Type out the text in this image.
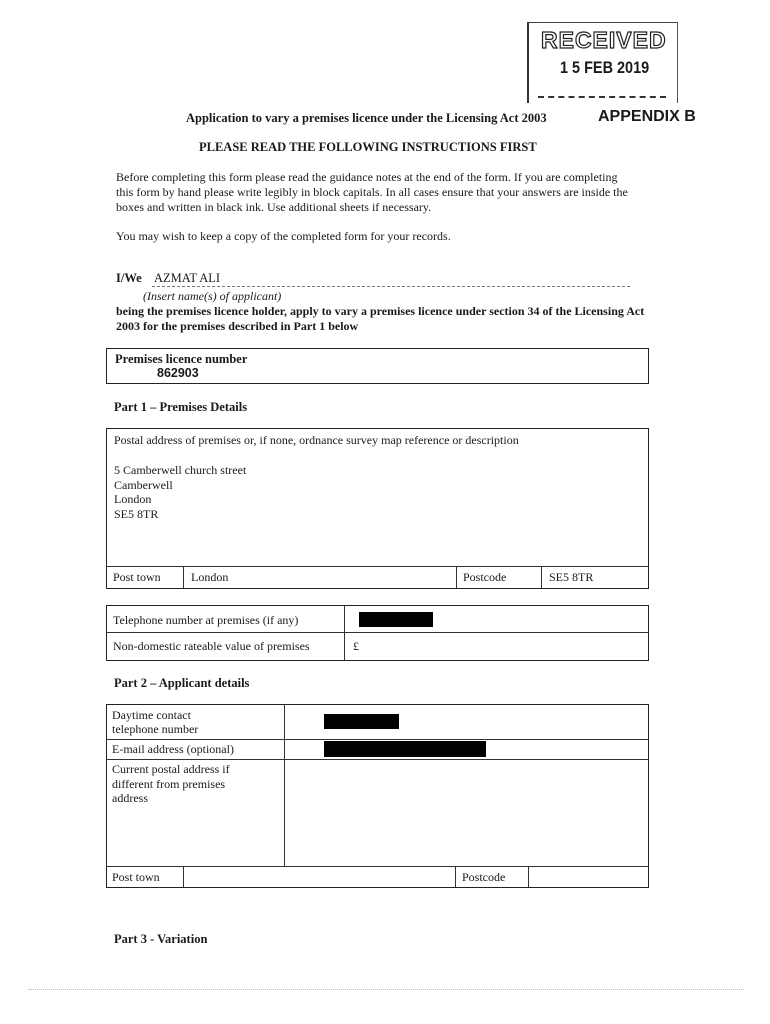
RECEIVED
1 5 FEB 2019
APPENDIX B
Application to vary a premises licence under the Licensing Act 2003
PLEASE READ THE FOLLOWING INSTRUCTIONS FIRST
Before completing this form please read the guidance notes at the end of the form. If you are completing this form by hand please write legibly in block capitals. In all cases ensure that your answers are inside the boxes and written in black ink. Use additional sheets if necessary.
You may wish to keep a copy of the completed form for your records.
I/We AZMAT ALI
(Insert name(s) of applicant)
being the premises licence holder, apply to vary a premises licence under section 34 of the Licensing Act 2003 for the premises described in Part 1 below
Premises licence number
862903
Part 1 – Premises Details
Postal address of premises or, if none, ordnance survey map reference or description
5 Camberwell church street
Camberwell
London
SE5 8TR
Post town	London	Postcode	SE5 8TR
Telephone number at premises (if any)
Non-domestic rateable value of premises	£
Part 2 – Applicant details
Daytime contact
telephone number
E-mail address (optional)
Current postal address if
different from premises
address
Post town	Postcode
Part 3 - Variation
